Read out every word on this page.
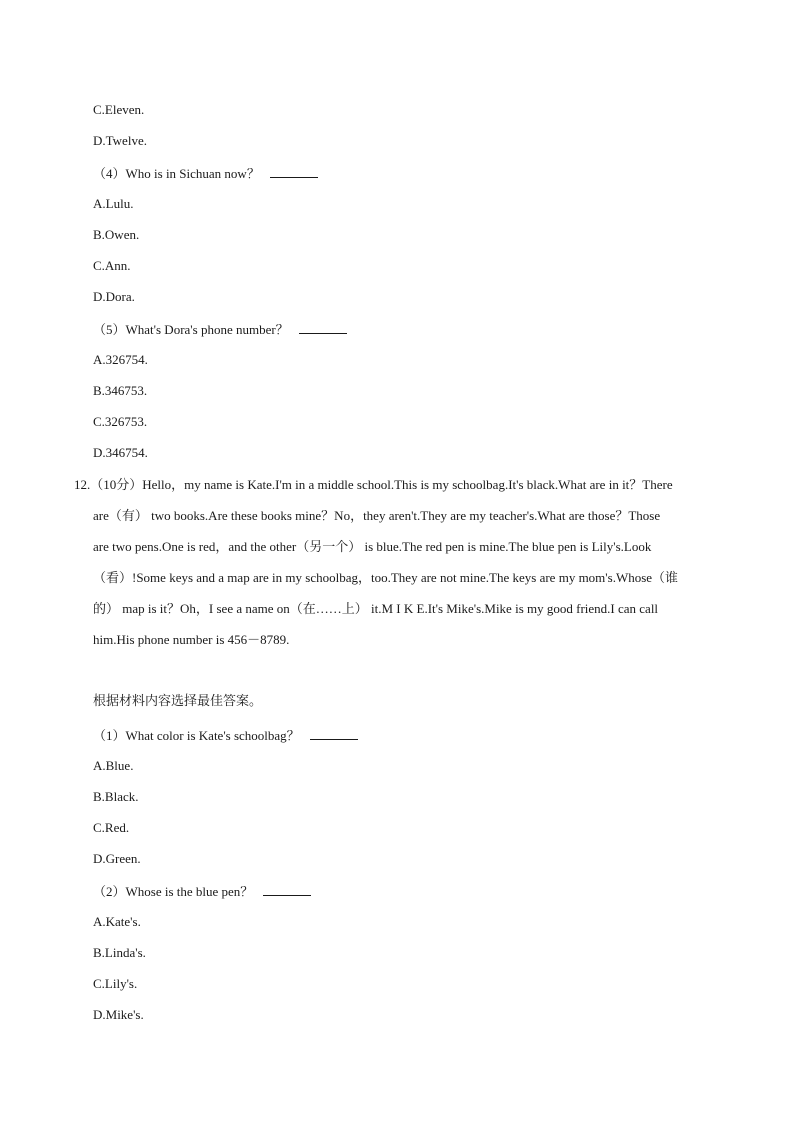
C.Eleven.
D.Twelve.
（4）Who is in Sichuan now？
A.Lulu.
B.Owen.
C.Ann.
D.Dora.
（5）What's Dora's phone number？
A.326754.
B.346753.
C.326753.
D.346754.
12.（10分）Hello，my name is Kate.I'm in a middle school.This is my schoolbag.It's black.What are in it？There
are（有） two books.Are these books mine？No，they aren't.They are my teacher's.What are those？Those
are two pens.One is red，and the other（另一个） is blue.The red pen is mine.The blue pen is Lily's.Look
（看）!Some keys and a map are in my schoolbag，too.They are not mine.The keys are my mom's.Whose（谁
的） map is it？Oh，I see a name on（在……上） it.M I K E.It's Mike's.Mike is my good friend.I can call
him.His phone number is 456－8789.
根据材料内容选择最佳答案。
（1）What color is Kate's schoolbag？
A.Blue.
B.Black.
C.Red.
D.Green.
（2）Whose is the blue pen？
A.Kate's.
B.Linda's.
C.Lily's.
D.Mike's.
